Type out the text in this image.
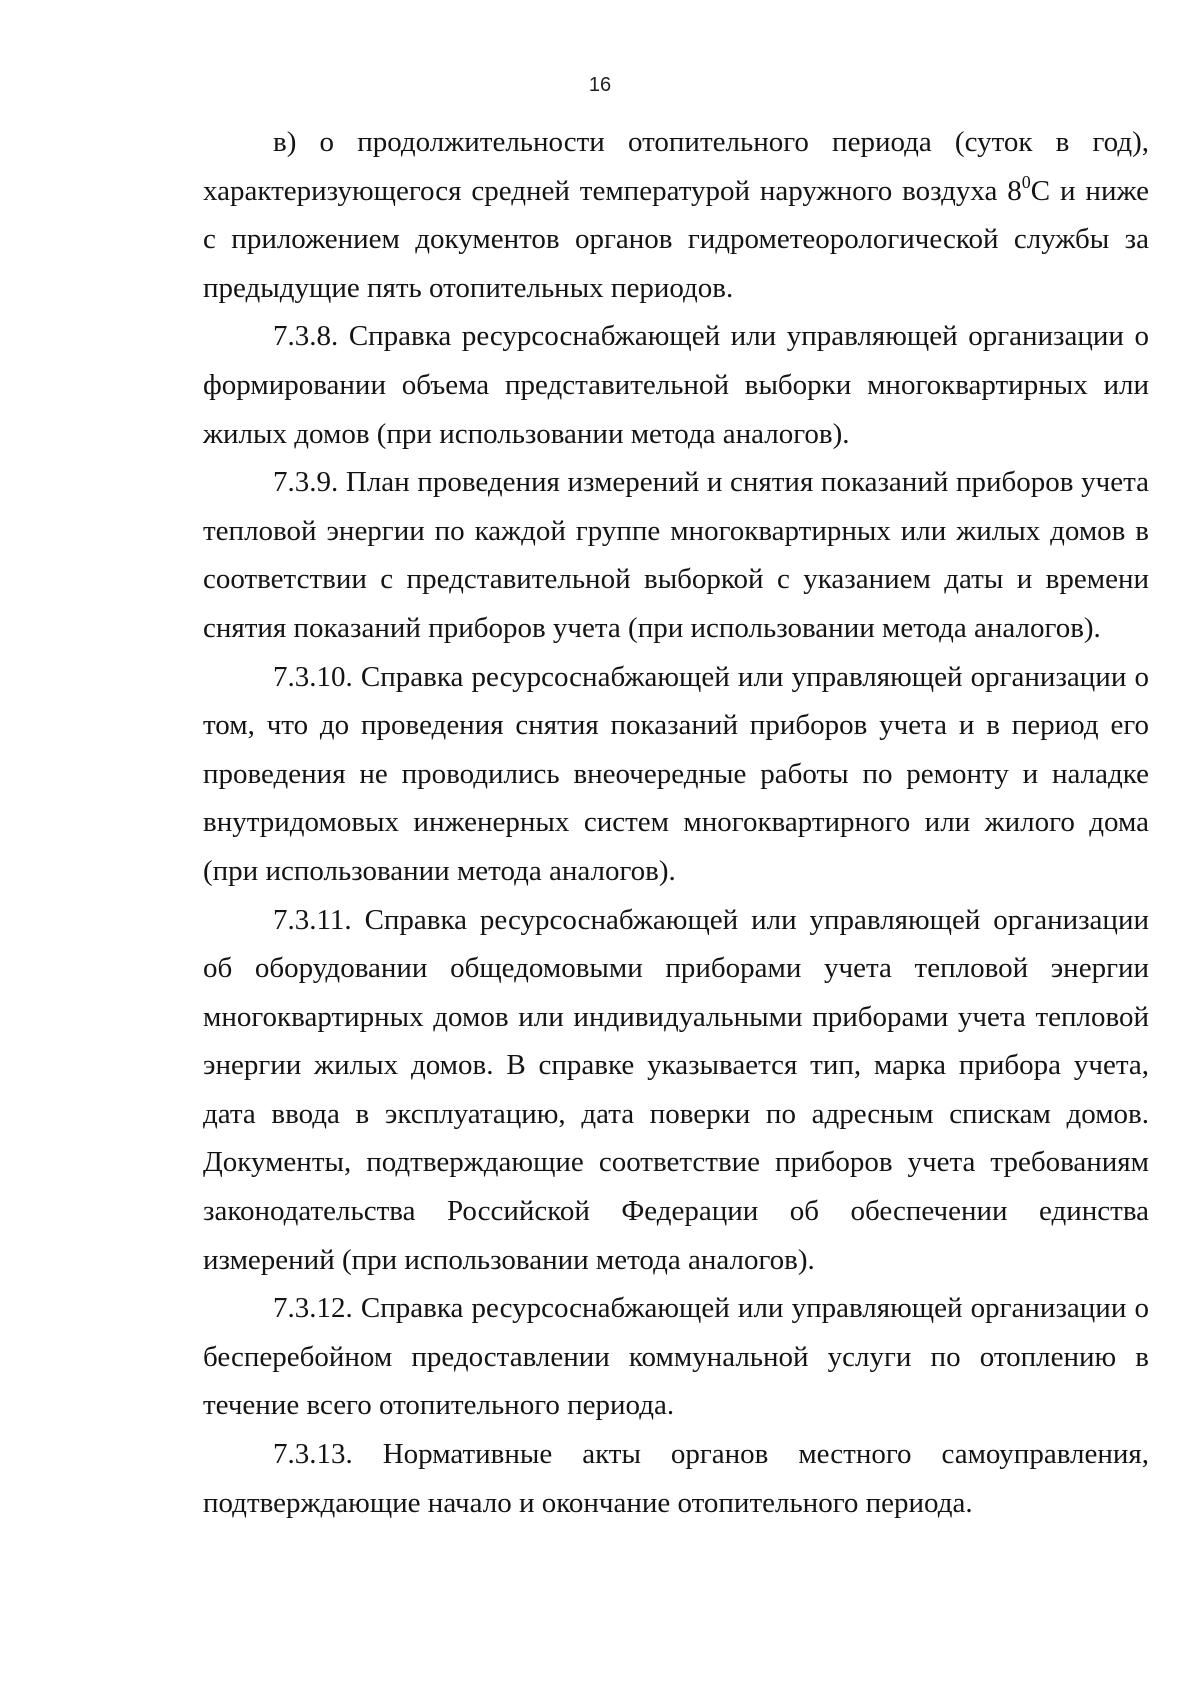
16

в) о продолжительности отопительного периода (суток в год), характеризующегося средней температурой наружного воздуха $8^0С$ и ниже с приложением документов органов гидрометеорологической службы за предыдущие пять отопительных периодов.

7.3.8. Справка ресурсоснабжающей или управляющей организации о формировании объема представительной выборки многоквартирных или жилых домов (при использовании метода аналогов).

7.3.9. План проведения измерений и снятия показаний приборов учета тепловой энергии по каждой группе многоквартирных или жилых домов в соответствии с представительной выборкой с указанием даты и времени снятия показаний приборов учета (при использовании метода аналогов).

7.3.10. Справка ресурсоснабжающей или управляющей организации о том, что до проведения снятия показаний приборов учета и в период его проведения не проводились внеочередные работы по ремонту и наладке внутридомовых инженерных систем многоквартирного или жилого дома (при использовании метода аналогов).

7.3.11. Справка ресурсоснабжающей или управляющей организации об оборудовании общедомовыми приборами учета тепловой энергии многоквартирных домов или индивидуальными приборами учета тепловой энергии жилых домов. В справке указывается тип, марка прибора учета, дата ввода в эксплуатацию, дата поверки по адресным спискам домов. Документы, подтверждающие соответствие приборов учета требованиям законодательства Российской Федерации об обеспечении единства измерений (при использовании метода аналогов).

7.3.12. Справка ресурсоснабжающей или управляющей организации о бесперебойном предоставлении коммунальной услуги по отоплению в течение всего отопительного периода.

7.3.13. Нормативные акты органов местного самоуправления, подтверждающие начало и окончание отопительного периода.
